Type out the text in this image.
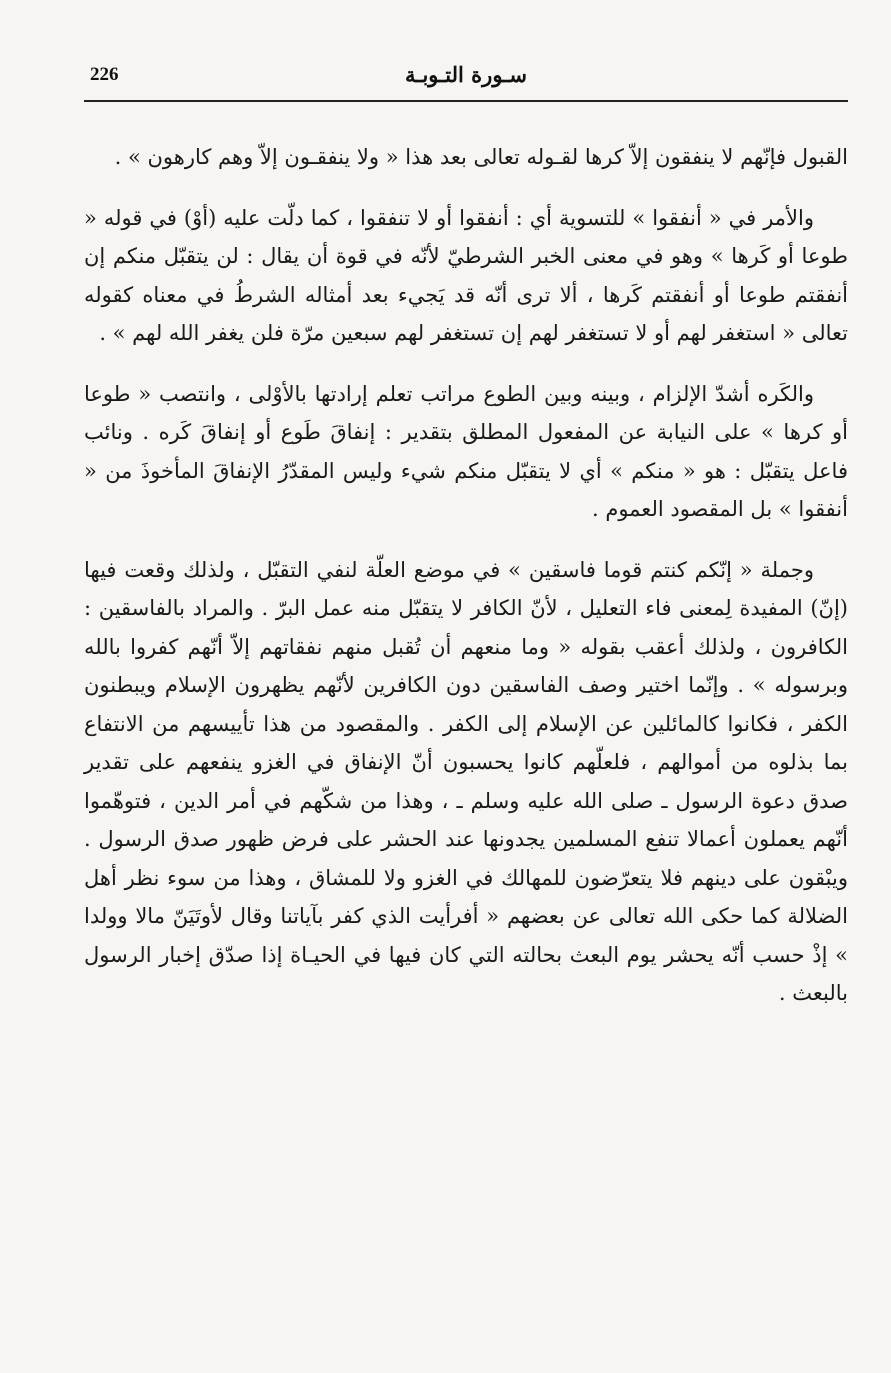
226	سـورة التـوبـة

القبول فإنّهم لا ينفقون إلاّ كرها لقـوله تعالى بعد هذا « ولا ينفقـون إلاّ وهم كارهون » .

والأمر في « أنفقوا » للتسوية أي : أنفقوا أو لا تنفقوا ، كما دلّت عليه (أوْ) في قوله « طوعا أو كَرها » وهو في معنى الخبر الشرطيّ لأنّه في قوة أن يقال : لن يتقبّل منكم إن أنفقتم طوعا أو أنفقتم كَرها ، ألا ترى أنّه قد يَجيء بعد أمثاله الشرطُ في معناه كقوله تعالى « استغفر لهم أو لا تستغفر لهم إن تستغفر لهم سبعين مرّة فلن يغفر الله لهم » .

والكَره أشدّ الإلزام ، وبينه وبين الطوع مراتب تعلم إرادتها بالأوْلى ، وانتصب « طوعا أو كرها » على النيابة عن المفعول المطلق بتقدير : إنفاقَ طَوع أو إنفاقَ كَره . ونائب فاعل يتقبّل : هو « منكم » أي لا يتقبّل منكم شيء وليس المقدّرُ الإنفاقَ المأخوذَ من « أنفقوا » بل المقصود العموم .

وجملة « إنّكم كنتم قوما فاسقين » في موضع العلّة لنفي التقبّل ، ولذلك وقعت فيها (إنّ) المفيدة لِمعنى فاء التعليل ، لأنّ الكافر لا يتقبّل منه عمل البرّ . والمراد بالفاسقين : الكافرون ، ولذلك أعقب بقوله « وما منعهم أن تُقبل منهم نفقاتهم إلاّ أنّهم كفروا بالله وبرسوله » . وإنّما اختير وصف الفاسقين دون الكافرين لأنّهم يظهرون الإسلام ويبطنون الكفر ، فكانوا كالمائلين عن الإسلام إلى الكفر . والمقصود من هذا تأييسهم من الانتفاع بما بذلوه من أموالهم ، فلعلّهم كانوا يحسبون أنّ الإنفاق في الغزو ينفعهم على تقدير صدق دعوة الرسول ـ صلى الله عليه وسلم ـ ، وهذا من شكّهم في أمر الدين ، فتوهّموا أنّهم يعملون أعمالا تنفع المسلمين يجدونها عند الحشر على فرض ظهور صدق الرسول . ويبْقون على دينهم فلا يتعرّضون للمهالك في الغزو ولا للمشاق ، وهذا من سوء نظر أهل الضلالة كما حكى الله تعالى عن بعضهم « أفرأيت الذي كفر بآياتنا وقال لأوتَيَنّ مالا وولدا » إذْ حسب أنّه يحشر يوم البعث بحالته التي كان فيها في الحيـاة إذا صدّق إخبار الرسول بالبعث .
